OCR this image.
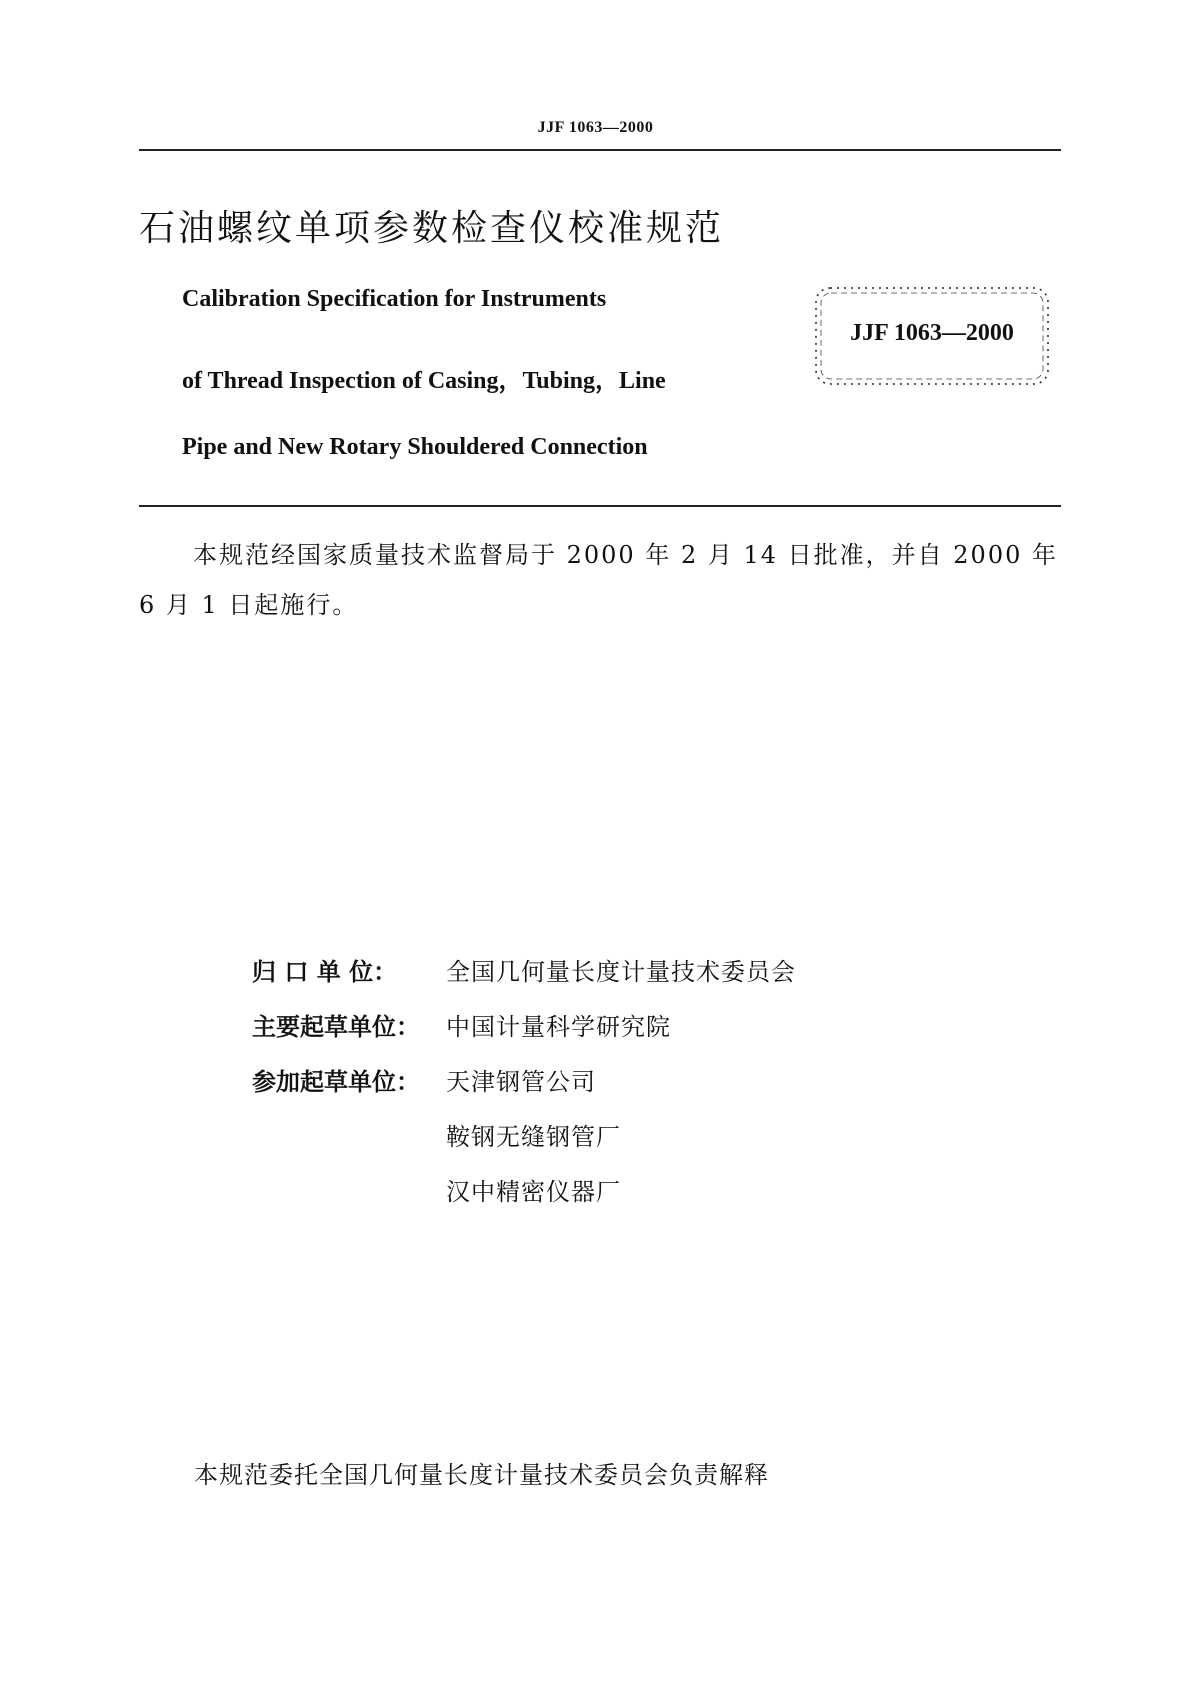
JJF 1063—2000
石油螺纹单项参数检查仪校准规范
Calibration Specification for Instruments
of Thread Inspection of Casing，Tubing，Line
Pipe and New Rotary Shouldered Connection
JJF 1063—2000
本规范经国家质量技术监督局于 2000 年 2 月 14 日批准，并自 2000 年
6 月 1 日起施行。
归 口 单 位： 全国几何量长度计量技术委员会
主要起草单位： 中国计量科学研究院
参加起草单位： 天津钢管公司
鞍钢无缝钢管厂
汉中精密仪器厂
本规范委托全国几何量长度计量技术委员会负责解释
